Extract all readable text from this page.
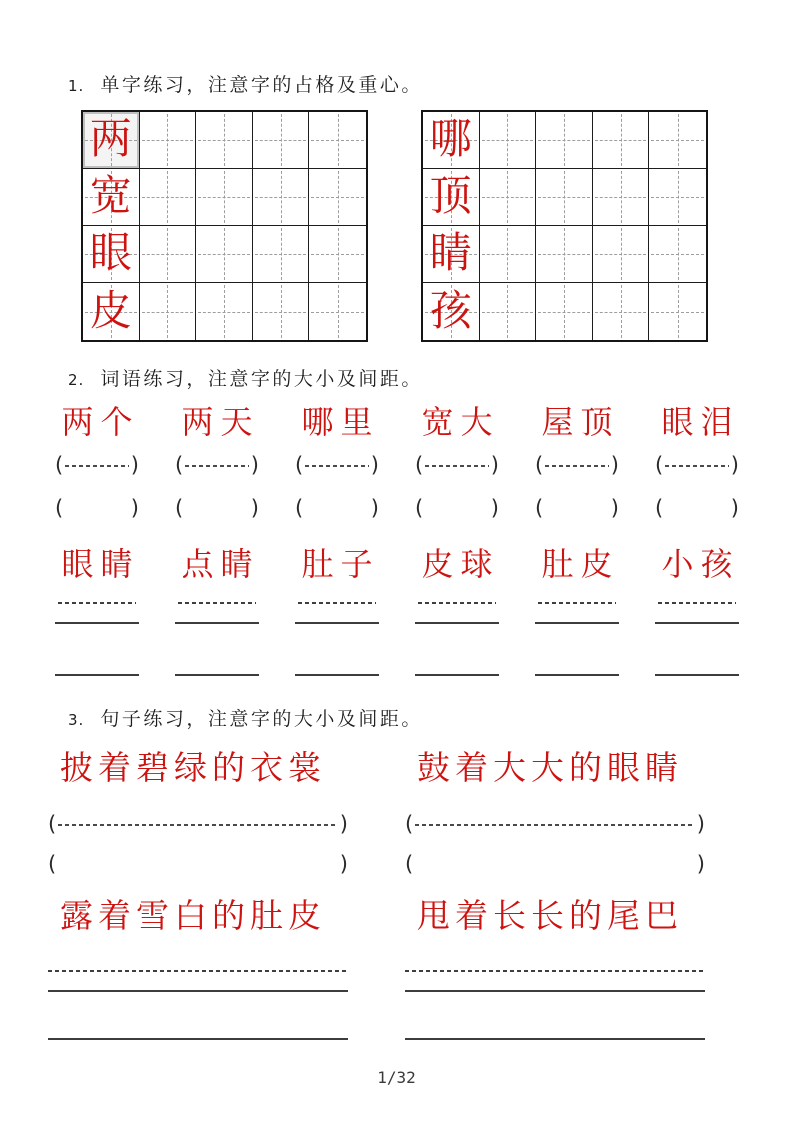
1. 单字练习，注意字的占格及重心。
两
宽
眼
皮
哪
顶
睛
孩
2. 词语练习，注意字的大小及间距。
两个 两天 哪里 宽大 屋顶 眼泪
(	) (	) (	) (	) (	) (	)
(	) (	) (	) (	) (	) (	)
眼睛 点睛 肚子 皮球 肚皮 小孩
3. 句子练习，注意字的大小及间距。
披着碧绿的衣裳	鼓着大大的眼睛
(	)	(	)
(	)	(	)
露着雪白的肚皮	甩着长长的尾巴
1/32
